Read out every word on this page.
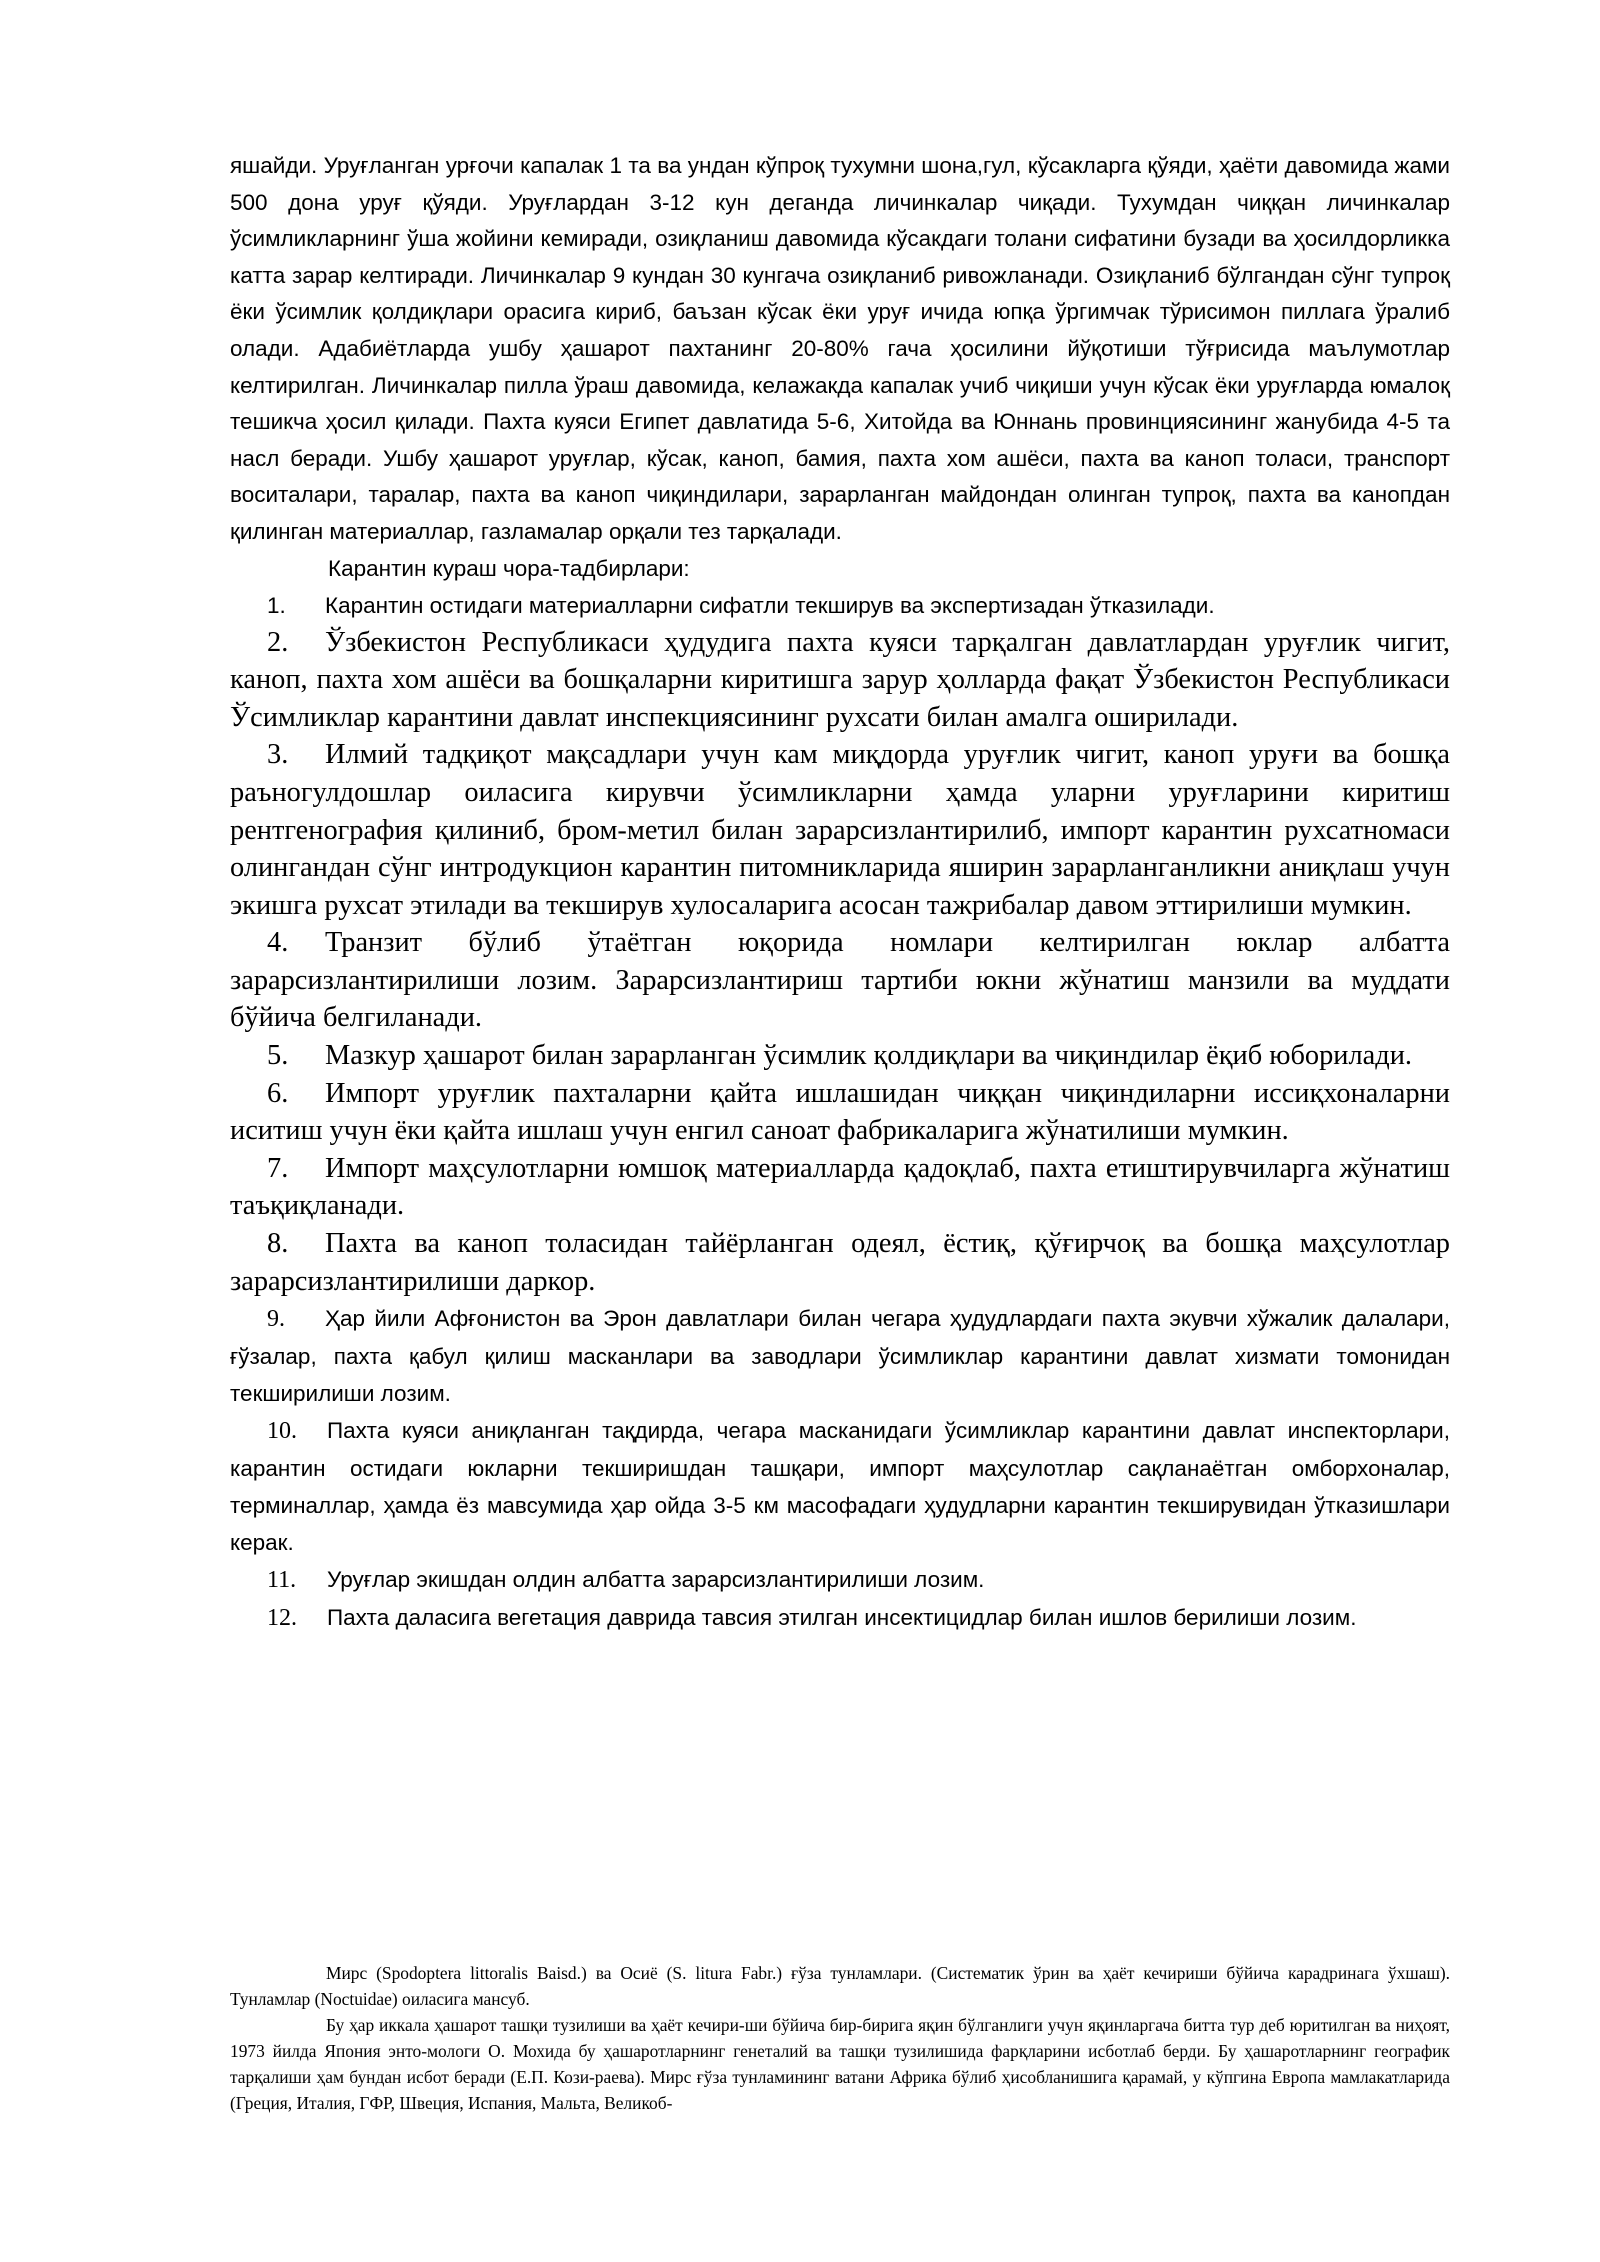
яшайди. Уруғланган урғочи капалак 1 та ва ундан кўпроқ тухумни шона,гул, кўсакларга қўяди, ҳаёти давомида жами 500 дона уруғ қўяди. Уруғлардан 3-12 кун деганда личинкалар чиқади. Тухумдан чиққан личинкалар ўсимликларнинг ўша жойини кемиради, озиқланиш давомида кўсакдаги толани сифатини бузади ва ҳосилдорликка катта зарар келтиради. Личинкалар 9 кундан 30 кунгача озиқланиб ривожланади. Озиқланиб бўлгандан сўнг тупроқ ёки ўсимлик қолдиқлари орасига кириб, баъзан кўсак ёки уруғ ичида юпқа ўргимчак тўрисимон пиллага ўралиб олади. Адабиётларда ушбу ҳашарот пахтанинг 20-80% гача ҳосилини йўқотиши тўғрисида маълумотлар келтирилган. Личинкалар пилла ўраш давомида, келажакда капалак учиб чиқиши учун кўсак ёки уруғларда юмалоқ тешикча ҳосил қилади. Пахта куяси Египет давлатида 5-6, Хитойда ва Юннань провинциясининг жанубида 4-5 та насл беради. Ушбу ҳашарот уруғлар, кўсак, каноп, бамия, пахта хом ашёси, пахта ва каноп толаси, транспорт воситалари, таралар, пахта ва каноп чиқиндилари, зарарланган майдондан олинган тупроқ, пахта ва канопдан қилинган материаллар, газламалар орқали тез тарқалади.

Карантин кураш чора-тадбирлари:

1. Карантин остидаги материалларни сифатли текширув ва экспертизадан ўтказилади.

2. Ўзбекистон Республикаси ҳудудига пахта куяси тарқалган давлатлардан уруғлик чигит, каноп, пахта хом ашёси ва бошқаларни киритишга зарур ҳолларда фақат Ўзбекистон Республикаси Ўсимликлар карантини давлат инспекциясининг рухсати билан амалга оширилади.

3. Илмий тадқиқот мақсадлари учун кам миқдорда уруғлик чигит, каноп уруғи ва бошқа раъногулдошлар оиласига кирувчи ўсимликларни ҳамда уларни уруғларини киритиш рентгенография қилиниб, бром-метил билан зарарсизлантирилиб, импорт карантин рухсатномаси олингандан сўнг интродукцион карантин питомникларида яширин зарарланганликни аниқлаш учун экишга рухсат этилади ва текширув хулосаларига асосан тажрибалар давом эттирилиши мумкин.

4. Транзит бўлиб ўтаётган юқорида номлари келтирилган юклар албатта зарарсизлантирилиши лозим. Зарарсизлантириш тартиби юкни жўнатиш манзили ва муддати бўйича белгиланади.

5. Мазкур ҳашарот билан зарарланган ўсимлик қолдиқлари ва чиқиндилар ёқиб юборилади.

6. Импорт уруғлик пахталарни қайта ишлашидан чиққан чиқиндиларни иссиқхоналарни иситиш учун ёки қайта ишлаш учун енгил саноат фабрикаларига жўнатилиши мумкин.

7. Импорт маҳсулотларни юмшоқ материалларда қадоқлаб, пахта етиштирувчиларга жўнатиш таъқиқланади.

8. Пахта ва каноп толасидан тайёрланган одеял, ёстиқ, қўғирчоқ ва бошқа маҳсулотлар зарарсизлантирилиши даркор.

9. Ҳар йили Афғонистон ва Эрон давлатлари билан чегара ҳудудлардаги пахта экувчи хўжалик далалари, ғўзалар, пахта қабул қилиш масканлари ва заводлари ўсимликлар карантини давлат хизмати томонидан текширилиши лозим.

10. Пахта куяси аниқланган тақдирда, чегара масканидаги ўсимликлар карантини давлат инспекторлари, карантин остидаги юкларни текширишдан ташқари, импорт маҳсулотлар сақланаётган омборхоналар, терминаллар, ҳамда ёз мавсумида ҳар ойда 3-5 км масофадаги ҳудудларни карантин текширувидан ўтказишлари керак.

11. Уруғлар экишдан олдин албатта зарарсизлантирилиши лозим.

12. Пахта даласига вегетация даврида тавсия этилган инсектицидлар билан ишлов берилиши лозим.

Мирс (Spodoptera littoralis Baisd.) ва Осиё (S. litura Fabr.) ғўза тунламлари. (Систематик ўрин ва ҳаёт кечириши бўйича карадринага ўхшаш). Тунламлар (Noctuidae) оиласига мансуб.

Бу ҳар иккала ҳашарот ташқи тузилиши ва ҳаёт кечири-ши бўйича бир-бирига яқин бўлганлиги учун яқинларгача битта тур деб юритилган ва ниҳоят, 1973 йилда Япония энто-мологи О. Мохида бу ҳашаротларнинг генеталий ва ташқи тузилишида фарқларини исботлаб берди. Бу ҳашаротларнинг географик тарқалиши ҳам бундан исбот беради (Е.П. Кози-раева). Мирс ғўза тунламининг ватани Африка бўлиб ҳисобланишига қарамай, у кўпгина Европа мамлакатларида (Греция, Италия, ГФР, Швеция, Испания, Мальта, Великоб-
